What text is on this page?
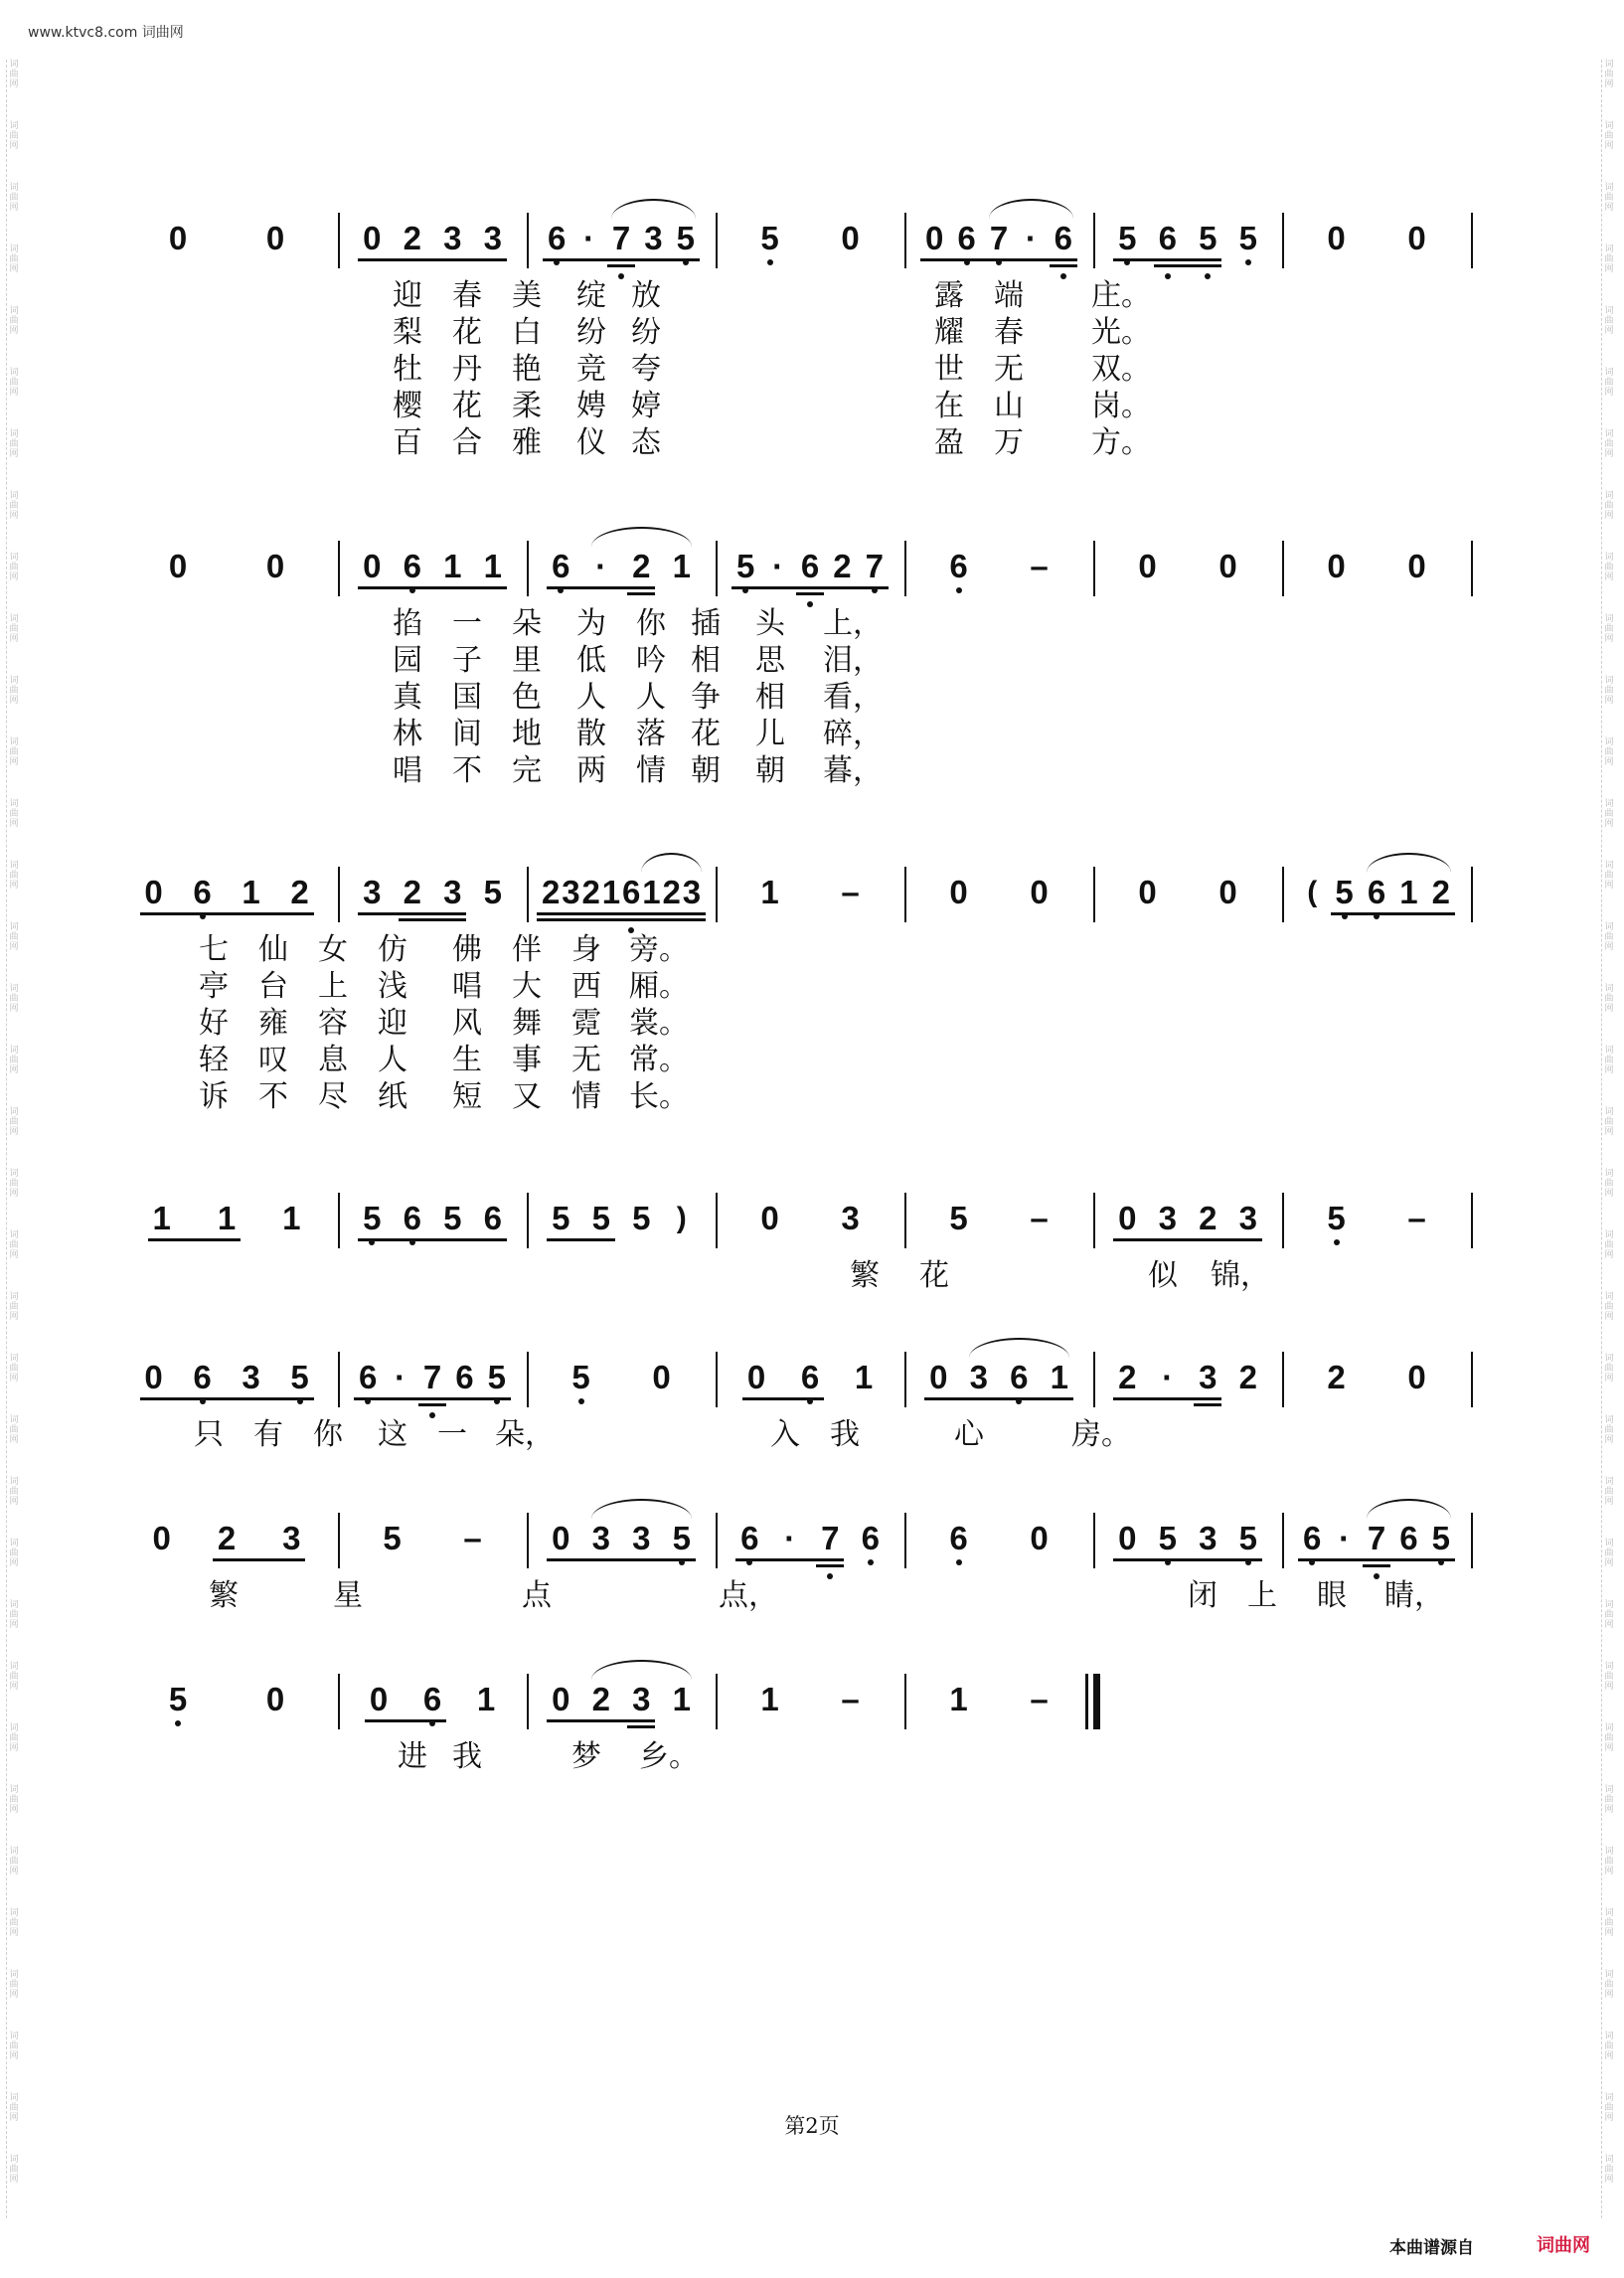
www.ktvc8.com 词曲网
词曲网
词曲网
词曲网
词曲网
词曲网
词曲网
词曲网
词曲网
词曲网
词曲网
词曲网
词曲网
词曲网
词曲网
词曲网
词曲网
词曲网
词曲网
词曲网
词曲网
词曲网
词曲网
词曲网
词曲网
词曲网
词曲网
词曲网
词曲网
词曲网
词曲网
词曲网
词曲网
词曲网
词曲网
词曲网
词曲网
词曲网
词曲网
词曲网
词曲网
词曲网
词曲网
词曲网
词曲网
词曲网
词曲网
词曲网
词曲网
词曲网
词曲网
词曲网
词曲网
词曲网
词曲网
词曲网
词曲网
词曲网
词曲网
词曲网
词曲网
词曲网
词曲网
词曲网
词曲网
词曲网
词曲网
词曲网
词曲网
词曲网
词曲网
0 0 0 2 3 3 6 · 7 3 5 5 0 0 6 7 · 6 5 6 5 5 0 0
迎 春 美 绽 放	露 端 庄。
梨 花 白 纷 纷	耀 春 光。
牡 丹 艳 竞 夸	世 无 双。
樱 花 柔 娉 婷	在 山 岗。
百 合 雅 仪 态	盈 万 方。
0 0 0 6 1 1 6 · 2 1 5 · 6 2 7 6 –	0 0	0 0
掐 一 朵 为 你 插 头 上，
园 子 里 低 吟 相 思 泪，
真 国 色 人 人 争 相 看，
林 间 地 散 落 花 儿 碎，
唱 不 完 两 情 朝 朝 暮，
0 6 1 2 3 2 3 5 2 3 2 1 6 1 2 3 1 –	0 0	0 0 ( 5 6 1 2
七 仙 女 仿 佛 伴 身 旁。
亭 台 上 浅 唱 大 西 厢。
好 雍 容 迎 风 舞 霓 裳。
轻 叹 息 人 生 事 无 常。
诉 不 尽 纸 短 又 情 长。
1 1 1 5 6 5 6 5 5 5 ) 0 3	5 – 0 3 2 3 5 –
繁 花	似 锦，
0 6 3 5 6 · 7 6 5 5 0 0 6 1 0 3 6 1 2 · 3 2 2 0
只 有 你 这 一 朵，	入 我	心	房。
0 2 3	5 – 0 3 3 5 6 · 7 6 6 0 0 5 3 5 6 · 7 6 5
繁	星	点	点，	闭 上 眼 睛，
5 0	0 6 1 0 2 3 1 1 –	1 –
进 我	梦 乡。
第2页
本曲谱源自	词曲网
